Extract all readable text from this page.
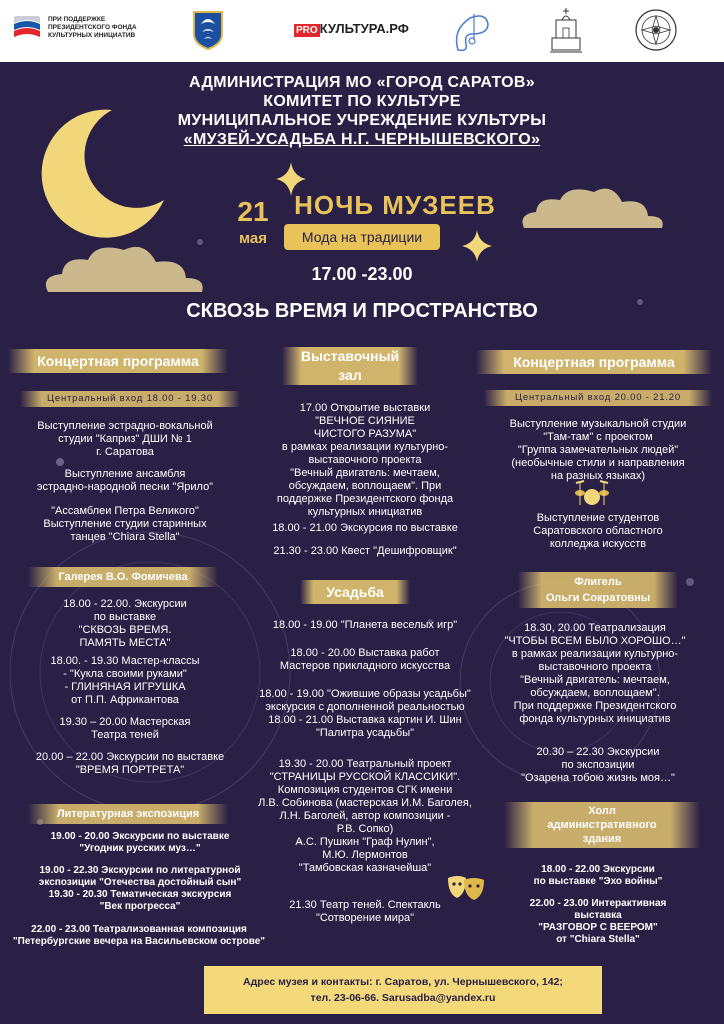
ПРИ ПОДДЕРЖКЕ
ПРЕЗИДЕНТСКОГО ФОНДА
КУЛЬТУРНЫХ ИНИЦИАТИВ	PRO КУЛЬТУРА.РФ
АДМИНИСТРАЦИЯ МО «ГОРОД САРАТОВ»
КОМИТЕТ ПО КУЛЬТУРЕ
МУНИЦИПАЛЬНОЕ УЧРЕЖДЕНИЕ КУЛЬТУРЫ
«МУЗЕЙ-УСАДЬБА Н.Г. ЧЕРНЫШЕВСКОГО»
21
мая
НОЧЬ МУЗЕЕВ
Мода на традиции
17.00 -23.00
СКВОЗЬ ВРЕМЯ И ПРОСТРАНСТВО
Концертная программа
Центральный вход 18.00 - 19.30
Выступление эстрадно-вокальной
студии "Каприз" ДШИ № 1
г. Саратова
Выступление ансамбля
эстрадно-народной песни "Ярило"
"Ассамблеи Петра Великого"
Выступление студии старинных
танцев "Chiara Stella"
Галерея В.О. Фомичева
18.00 - 22.00. Экскурсии
по выставке
"СКВОЗЬ ВРЕМЯ.
ПАМЯТЬ МЕСТА"
18.00. - 19.30 Мастер-классы
- "Кукла своими руками"
- ГЛИНЯНАЯ ИГРУШКА
от П.П. Африкантова
19.30 – 20.00 Мастерская
Театра теней
20.00 – 22.00 Экскурсии по выставке
"ВРЕМЯ ПОРТРЕТА"
Литературная экспозиция
19.00 - 20.00 Экскурсии по выставке
"Угодник русских муз…"
19.00 - 22.30 Экскурсии по литературной
экспозиции "Отечества достойный сын"
19.30 - 20.30 Тематическая экскурсия
"Век прогресса"
22.00 - 23.00 Театрализованная композиция
"Петербургские вечера на Васильевском острове"
Выставочный
зал
17.00 Открытие выставки
"ВЕЧНОЕ СИЯНИЕ
ЧИСТОГО РАЗУМА"
в рамках реализации культурно-
выставочного проекта
"Вечный двигатель: мечтаем,
обсуждаем, воплощаем". При
поддержке Президентского фонда
культурных инициатив
18.00 - 21.00 Экскурсия по выставке
21.30 - 23.00 Квест "Дешифровщик"
Усадьба
18.00 - 19.00 "Планета веселых игр"
18.00 - 20.00 Выставка работ
Мастеров прикладного искусства
18.00 - 19.00 "Ожившие образы усадьбы"
экскурсия с дополненной реальностью
18.00 - 21.00 Выставка картин И. Шин
"Палитра усадьбы"
19.30 - 20.00 Театральный проект
"СТРАНИЦЫ РУССКОЙ КЛАССИКИ".
Композиция студентов СГК имени
Л.В. Собинова (мастерская И.М. Баголея,
Л.Н. Баголей, автор композиции -
Р.В. Сопко)
А.С. Пушкин "Граф Нулин",
М.Ю. Лермонтов
"Тамбовская казначейша"
21.30 Театр теней. Спектакль
"Сотворение мира"
Концертная программа
Центральный вход 20.00 - 21.20
Выступление музыкальной студии
"Там-там" с проектом
"Группа замечательных людей"
(необычные стили и направления
на разных языках)
Выступление студентов
Саратовского областного
колледжа искусств
Флигель
Ольги Сократовны
18.30, 20.00 Театрализация
"ЧТОБЫ ВСЕМ БЫЛО ХОРОШО…"
в рамках реализации культурно-
выставочного проекта
"Вечный двигатель: мечтаем,
обсуждаем, воплощаем".
При поддержке Президентского
фонда культурных инициатив
20.30 – 22.30 Экскурсии
по экспозиции
"Озарена тобою жизнь моя…"
Холл
административного
здания
18.00 - 22.00 Экскурсии
по выставке "Эхо войны"
22.00 - 23.00 Интерактивная
выставка
"РАЗГОВОР С ВЕЕРОМ"
от "Chiara Stella"
Адрес музея и контакты: г. Саратов, ул. Чернышевского, 142;
тел. 23-06-66. Sarusadba@yandex.ru
